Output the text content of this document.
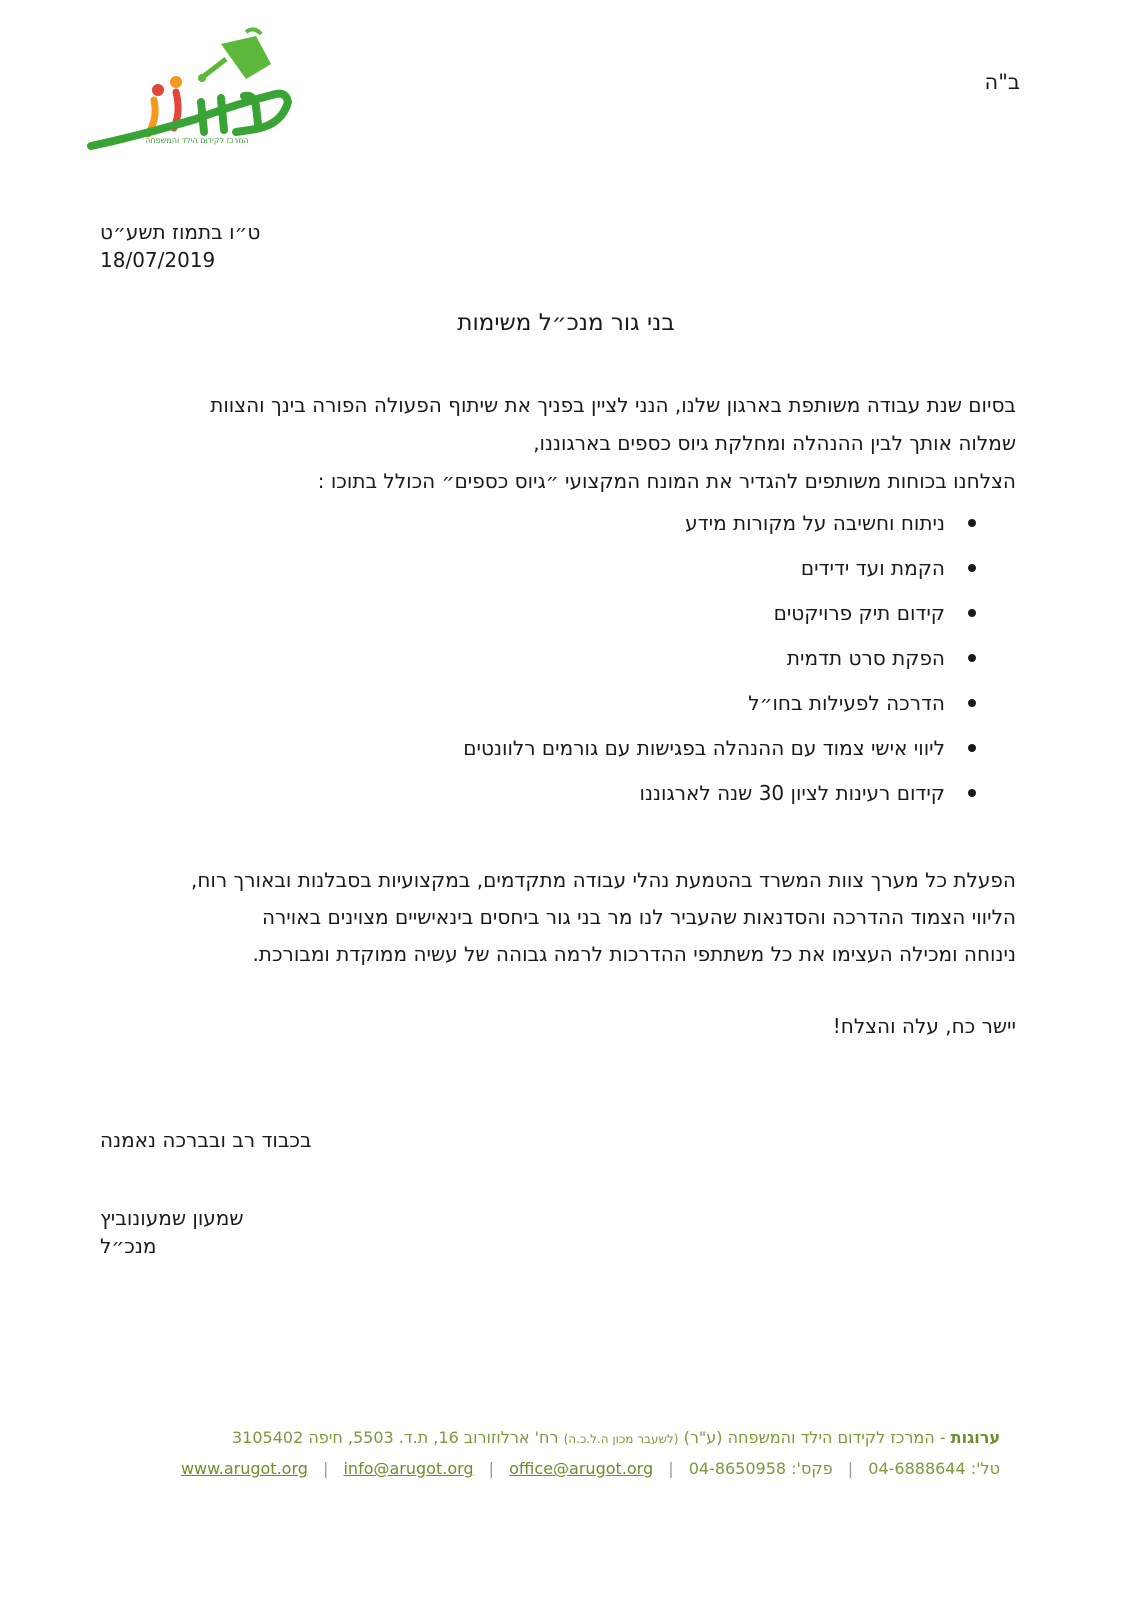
המרכז לקידום הילד והמשפחה
ב"ה
ט״ו בתמוז תשע״ט
18/07/2019
בני גור מנכ״ל משימות
בסיום שנת עבודה משותפת בארגון שלנו, הנני לציין בפניך את שיתוף הפעולה הפורה בינך והצוות
שמלוה אותך לבין ההנהלה ומחלקת גיוס כספים בארגוננו,
הצלחנו בכוחות משותפים להגדיר את המונח המקצועי ״גיוס כספים״ הכולל בתוכו :
ניתוח וחשיבה על מקורות מידע
הקמת ועד ידידים
קידום תיק פרויקטים
הפקת סרט תדמית
הדרכה לפעילות בחו״ל
ליווי אישי צמוד עם ההנהלה בפגישות עם גורמים רלוונטים
קידום רעינות לציון 30 שנה לארגוננו
הפעלת כל מערך צוות המשרד בהטמעת נהלי עבודה מתקדמים, במקצועיות בסבלנות ובאורך רוח,
הליווי הצמוד ההדרכה והסדנאות שהעביר לנו מר בני גור ביחסים בינאישיים מצוינים באוירה
נינוחה ומכילה העצימו את כל משתתפי ההדרכות לרמה גבוהה של עשיה ממוקדת ומבורכת.
יישר כח, עלה והצלח!
בכבוד רב ובברכה נאמנה
שמעון שמעונוביץ
מנכ״ל
ערוגות - המרכז לקידום הילד והמשפחה (ע"ר) (לשעבר מכון ה.ל.כ.ה) רח' ארלוזורוב 16, ת.ד. 5503, חיפה 3105402
טל': 04-6888644 | פקס': 04-8650958 | www.arugot.org | info@arugot.org | office@arugot.org
